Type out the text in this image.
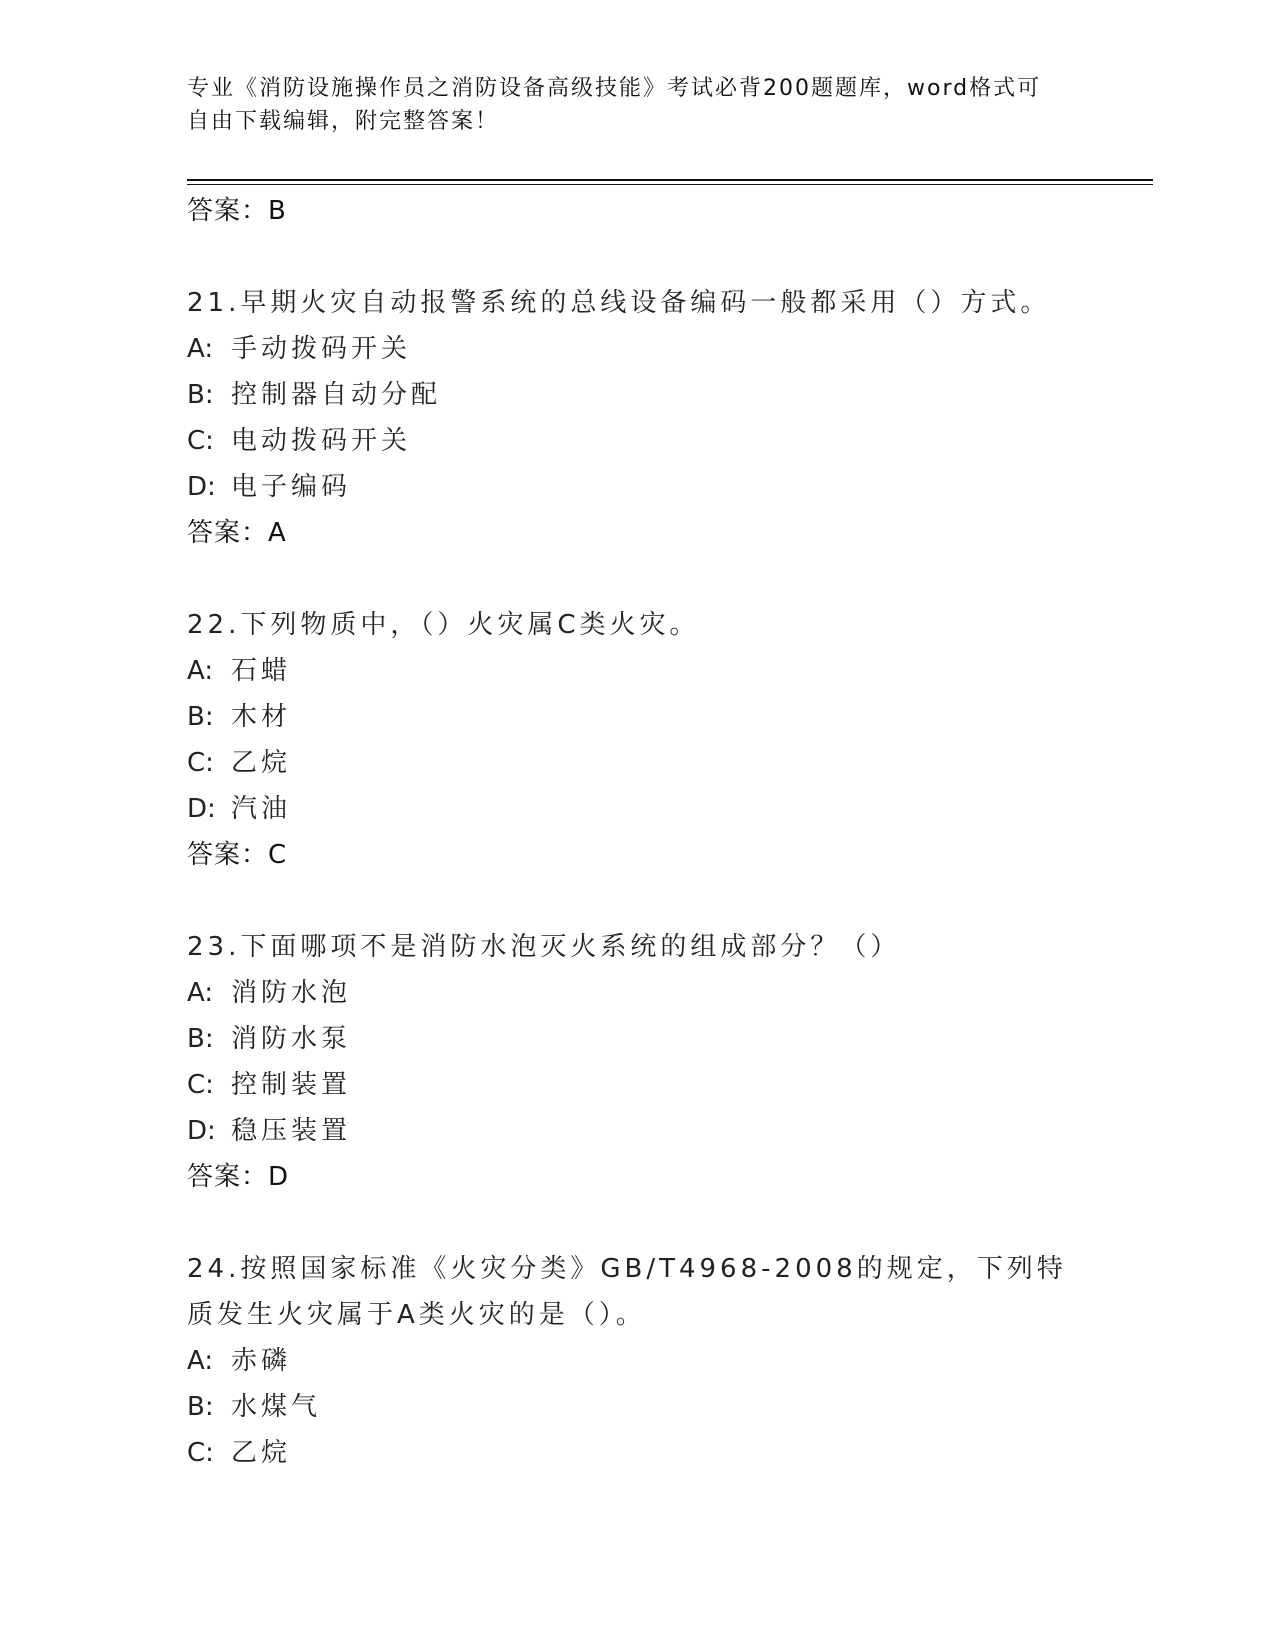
专业《消防设施操作员之消防设备高级技能》考试必背200题题库，word格式可
自由下载编辑，附完整答案！
答案：B
21.早期火灾自动报警系统的总线设备编码一般都采用（）方式。
A: 手动拨码开关
B: 控制器自动分配
C: 电动拨码开关
D: 电子编码
答案：A
22.下列物质中，（）火灾属C类火灾。
A: 石蜡
B: 木材
C: 乙烷
D: 汽油
答案：C
23.下面哪项不是消防水泡灭火系统的组成部分？（）
A: 消防水泡
B: 消防水泵
C: 控制装置
D: 稳压装置
答案：D
24.按照国家标准《火灾分类》GB/T4968-2008的规定，下列特质发生火灾属于A类火灾的是（）。
A: 赤磷
B: 水煤气
C: 乙烷
